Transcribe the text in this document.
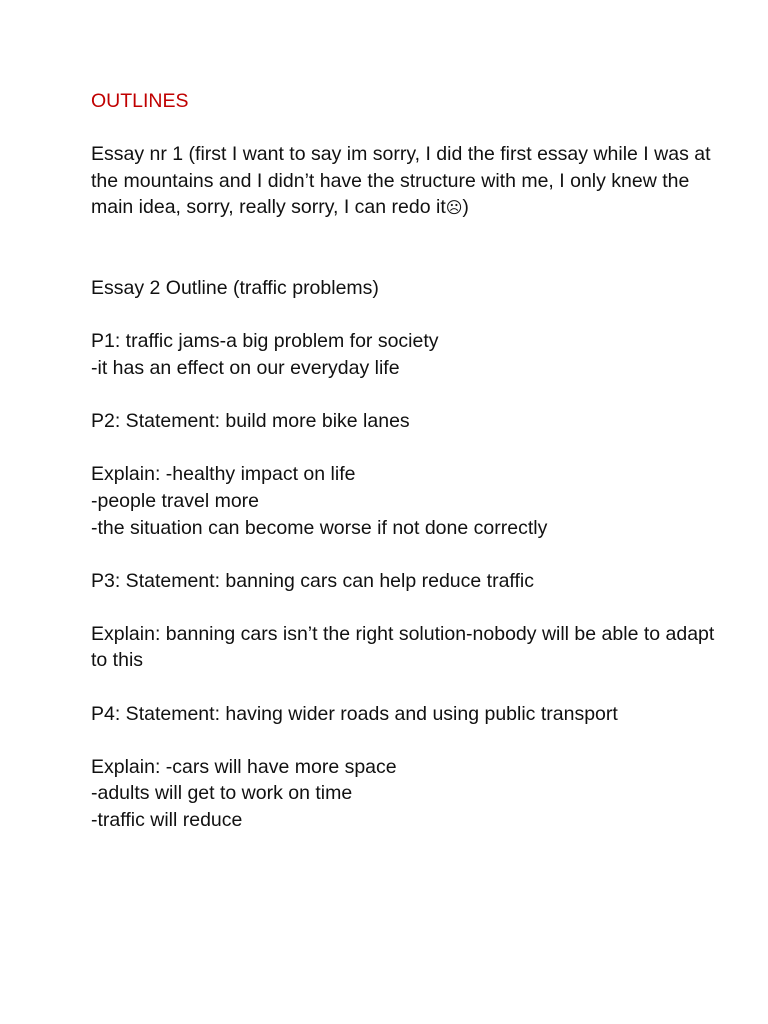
OUTLINES

Essay nr 1 (first I want to say im sorry, I did the first essay while I was at the mountains and I didn’t have the structure with me, I only knew the main idea, sorry, really sorry, I can redo it☹)

Essay 2 Outline (traffic problems)

P1: traffic jams-a big problem for society

-it has an effect on our everyday life

P2: Statement: build more bike lanes

Explain: -healthy impact on life

-people travel more

-the situation can become worse if not done correctly

P3: Statement: banning cars can help reduce traffic

Explain: banning cars isn’t the right solution-nobody will be able to adapt to this

P4: Statement: having wider roads and using public transport

Explain: -cars will have more space

-adults will get to work on time

-traffic will reduce
